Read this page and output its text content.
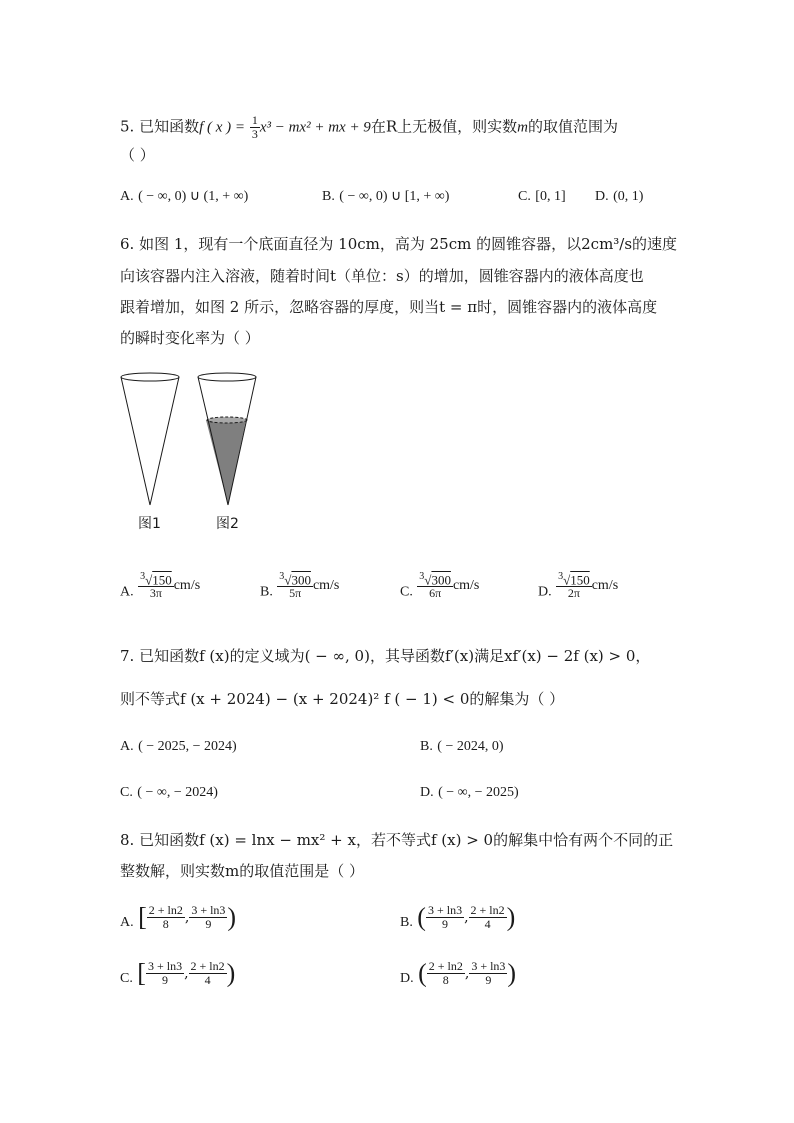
5. 已知函数f ( x ) = $\frac{1}{3} x^3 - mx^2$ + mx + 9在R上无极值，则实数m的取值范围为
（ ）
A. ( − ∞, 0) ∪ (1, + ∞)	B. ( − ∞, 0) ∪ [1, + ∞)	C. [0, 1] D. (0, 1)
6. 如图 1，现有一个底面直径为 10cm，高为 25cm 的圆锥容器，以2cm³/s的速度
向该容器内注入溶液，随着时间t（单位：s）的增加，圆锥容器内的液体高度也
跟着增加，如图 2 所示，忽略容器的厚度，则当t = π时，圆锥容器内的液体高度
的瞬时变化率为（ ）
图1	图2
A. $\frac{^3√150}{3\pi} cm/s$	B. $\frac{^3√300}{5\pi} cm/s$	C. $\frac{^3√300}{6\pi} cm/s$	D. $\frac{^3√150}{2\pi} cm/s$
7. 已知函数f (x)的定义域为( − ∞, 0)，其导函数f′(x)满足xf′(x) − 2f (x) > 0，
则不等式f (x + 2024) − (x + 2024)² f ( − 1) < 0的解集为（ ）
A. ( − 2025, − 2024)	B. ( − 2024, 0)
C. ( − ∞, − 2024)	D. ( − ∞, − 2025)
8. 已知函数f (x) = lnx − mx² + x，若不等式f (x) > 0的解集中恰有两个不同的正
整数解，则实数m的取值范围是（ ）
A. [ $\frac{2 + \ln 2}{8}$ , $\frac{3 + \ln 3}{9}$ )	B. ( $\frac{3 + \ln 3}{9}$ , $\frac{2 + \ln 2}{4}$ )
C. [ $\frac{3 + \ln 3}{9}$ , $\frac{2 + \ln 2}{4}$ )	D. ( $\frac{2 + \ln 2}{8}$ , $\frac{3 + \ln 3}{9}$ )
